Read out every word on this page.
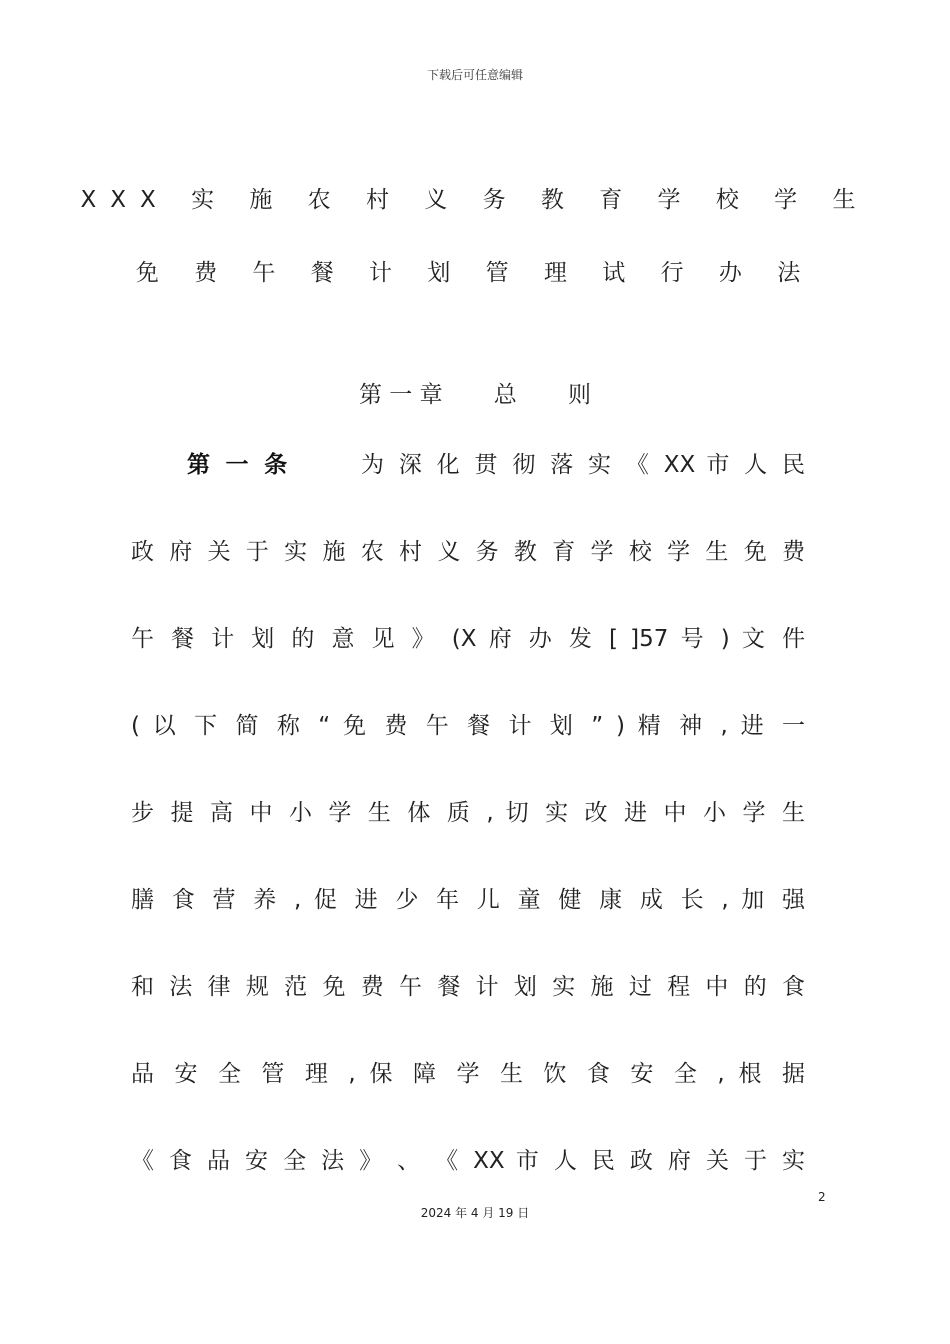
下载后可任意编辑
XXX 实 施 农 村 义 务 教 育 学 校 学 生
免 费 午 餐 计 划 管 理 试 行 办 法
第 一 章       总       则
第 一 条	为 深 化 贯 彻 落 实 《 XX 市 人 民
政 府 关 于 实 施 农 村 义 务 教 育 学 校 学 生 免 费
午 餐 计 划 的 意 见 》 (X 府 办 发 [ ]57 号 ) 文 件
( 以 下 简 称 “ 免 费 午 餐 计 划 ” ) 精 神 , 进 一
步 提 高 中 小 学 生 体 质 , 切 实 改 进 中 小 学 生
膳 食 营 养 , 促 进 少 年 儿 童 健 康 成 长 , 加 强
和 法 律 规 范 免 费 午 餐 计 划 实 施 过 程 中 的 食
品 安 全 管 理 , 保 障 学 生 饮 食 安 全 , 根 据
《 食 品 安 全 法 》 、 《 XX 市 人 民 政 府 关 于 实
2
2024 年 4 月 19 日
